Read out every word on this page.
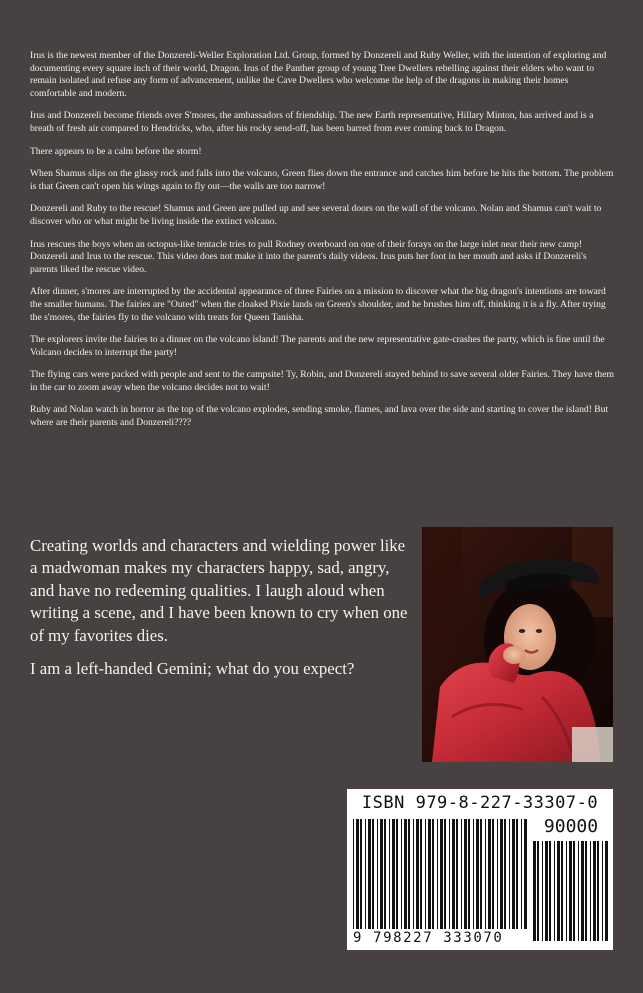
Irus is the newest member of the Donzereli-Weller Exploration Ltd. Group, formed by Donzereli and Ruby Weller, with the intention of exploring and documenting every square inch of their world, Dragon. Irus of the Panther group of young Tree Dwellers rebelling against their elders who want to remain isolated and refuse any form of advancement, unlike the Cave Dwellers who welcome the help of the dragons in making their homes comfortable and modern.

Irus and Donzereli become friends over S'mores, the ambassadors of friendship. The new Earth representative, Hillary Minton, has arrived and is a breath of fresh air compared to Hendricks, who, after his rocky send-off, has been barred from ever coming back to Dragon.

There appears to be a calm before the storm!

When Shamus slips on the glassy rock and falls into the volcano, Green flies down the entrance and catches him before he hits the bottom. The problem is that Green can't open his wings again to fly out—the walls are too narrow!

Donzereli and Ruby to the rescue! Shamus and Green are pulled up and see several doors on the wall of the volcano. Nolan and Shamus can't wait to discover who or what might be living inside the extinct volcano.

Irus rescues the boys when an octopus-like tentacle tries to pull Rodney overboard on one of their forays on the large inlet near their new camp! Donzereli and Irus to the rescue. This video does not make it into the parent's daily videos. Irus puts her foot in her mouth and asks if Donzereli's parents liked the rescue video.

After dinner, s'mores are interrupted by the accidental appearance of three Fairies on a mission to discover what the big dragon's intentions are toward the smaller humans. The fairies are "Outed" when the cloaked Pixie lands on Green's shoulder, and he brushes him off, thinking it is a fly. After trying the s'mores, the fairies fly to the volcano with treats for Queen Tanisha.

The explorers invite the fairies to a dinner on the volcano island! The parents and the new representative gate-crashes the party, which is fine until the Volcano decides to interrupt the party!

The flying cars were packed with people and sent to the campsite! Ty, Robin, and Donzereli stayed behind to save several older Fairies. They have them in the car to zoom away when the volcano decides not to wait!

Ruby and Nolan watch in horror as the top of the volcano explodes, sending smoke, flames, and lava over the side and starting to cover the island! But where are their parents and Donzereli????

Creating worlds and characters and wielding power like a madwoman makes my characters happy, sad, angry, and have no redeeming qualities. I laugh aloud when writing a scene, and I have been known to cry when one of my favorites dies.

I am a left-handed Gemini; what do you expect?

ISBN 979-8-227-33307-0
90000
9 798227 333070
